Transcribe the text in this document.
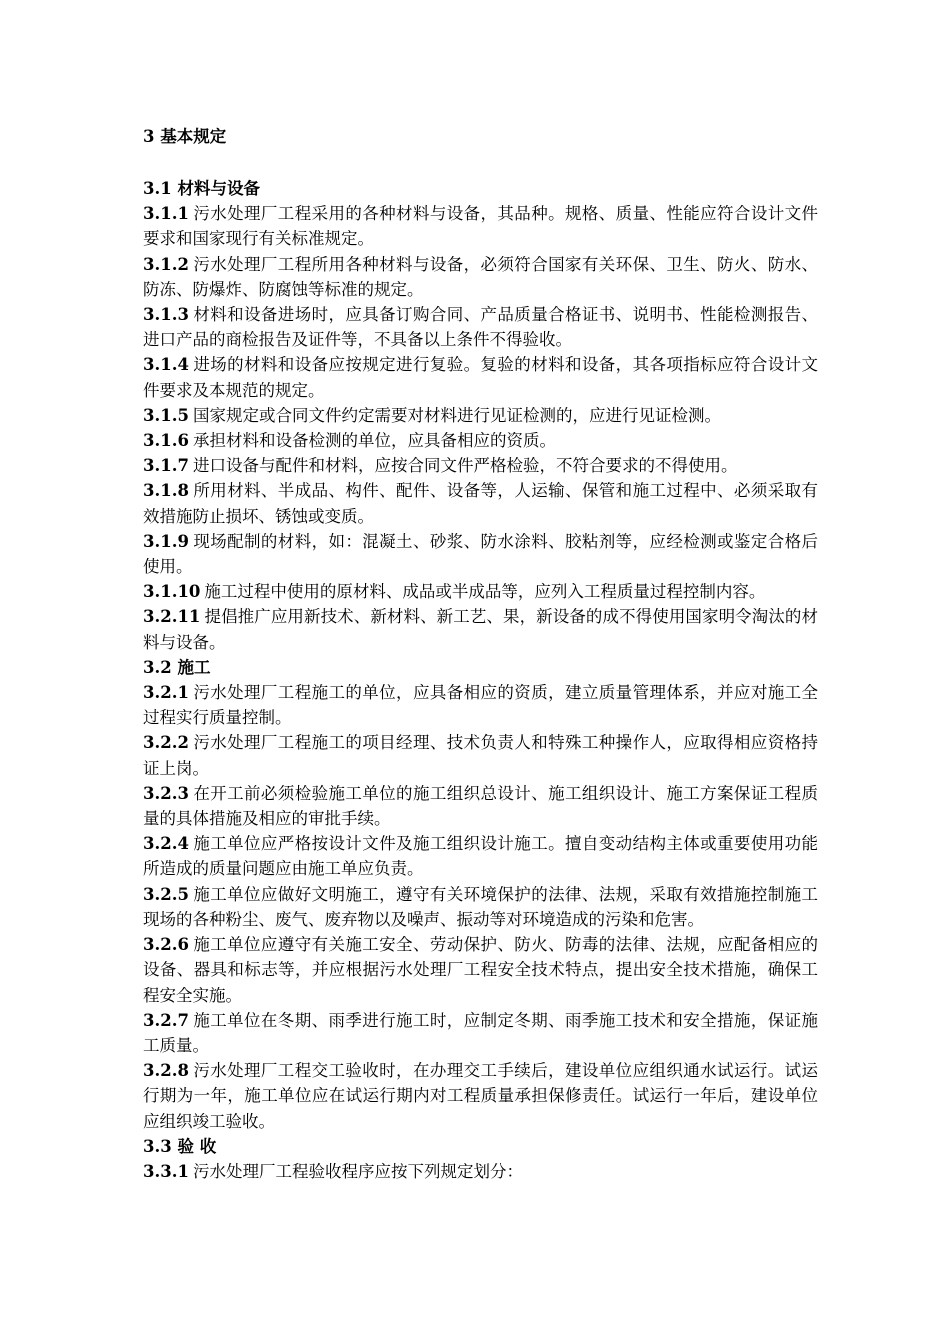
3 基本规定

3.1 材料与设备

3.1.1 污水处理厂工程采用的各种材料与设备，其品种。规格、质量、性能应符合设计文件要求和国家现行有关标准规定。

3.1.2 污水处理厂工程所用各种材料与设备，必须符合国家有关环保、卫生、防火、防水、防冻、防爆炸、防腐蚀等标准的规定。

3.1.3 材料和设备进场时，应具备订购合同、产品质量合格证书、说明书、性能检测报告、进口产品的商检报告及证件等，不具备以上条件不得验收。

3.1.4 进场的材料和设备应按规定进行复验。复验的材料和设备，其各项指标应符合设计文件要求及本规范的规定。

3.1.5 国家规定或合同文件约定需要对材料进行见证检测的，应进行见证检测。

3.1.6 承担材料和设备检测的单位，应具备相应的资质。

3.1.7 进口设备与配件和材料，应按合同文件严格检验，不符合要求的不得使用。

3.1.8 所用材料、半成品、构件、配件、设备等，人运输、保管和施工过程中、必须采取有效措施防止损坏、锈蚀或变质。

3.1.9 现场配制的材料，如：混凝土、砂浆、防水涂料、胶粘剂等，应经检测或鉴定合格后使用。

3.1.10 施工过程中使用的原材料、成品或半成品等，应列入工程质量过程控制内容。

3.2.11 提倡推广应用新技术、新材料、新工艺、果，新设备的成不得使用国家明令淘汰的材料与设备。

3.2 施工

3.2.1 污水处理厂工程施工的单位，应具备相应的资质，建立质量管理体系，并应对施工全过程实行质量控制。

3.2.2 污水处理厂工程施工的项目经理、技术负责人和特殊工种操作人，应取得相应资格持证上岗。

3.2.3 在开工前必须检验施工单位的施工组织总设计、施工组织设计、施工方案保证工程质量的具体措施及相应的审批手续。

3.2.4 施工单位应严格按设计文件及施工组织设计施工。擅自变动结构主体或重要使用功能所造成的质量问题应由施工单应负责。

3.2.5 施工单位应做好文明施工，遵守有关环境保护的法律、法规，采取有效措施控制施工现场的各种粉尘、废气、废弃物以及噪声、振动等对环境造成的污染和危害。

3.2.6 施工单位应遵守有关施工安全、劳动保护、防火、防毒的法律、法规，应配备相应的设备、器具和标志等，并应根据污水处理厂工程安全技术特点，提出安全技术措施，确保工程安全实施。

3.2.7 施工单位在冬期、雨季进行施工时，应制定冬期、雨季施工技术和安全措施，保证施工质量。

3.2.8 污水处理厂工程交工验收时，在办理交工手续后，建设单位应组织通水试运行。试运行期为一年，施工单位应在试运行期内对工程质量承担保修责任。试运行一年后，建设单位应组织竣工验收。

3.3 验 收

3.3.1 污水处理厂工程验收程序应按下列规定划分：
